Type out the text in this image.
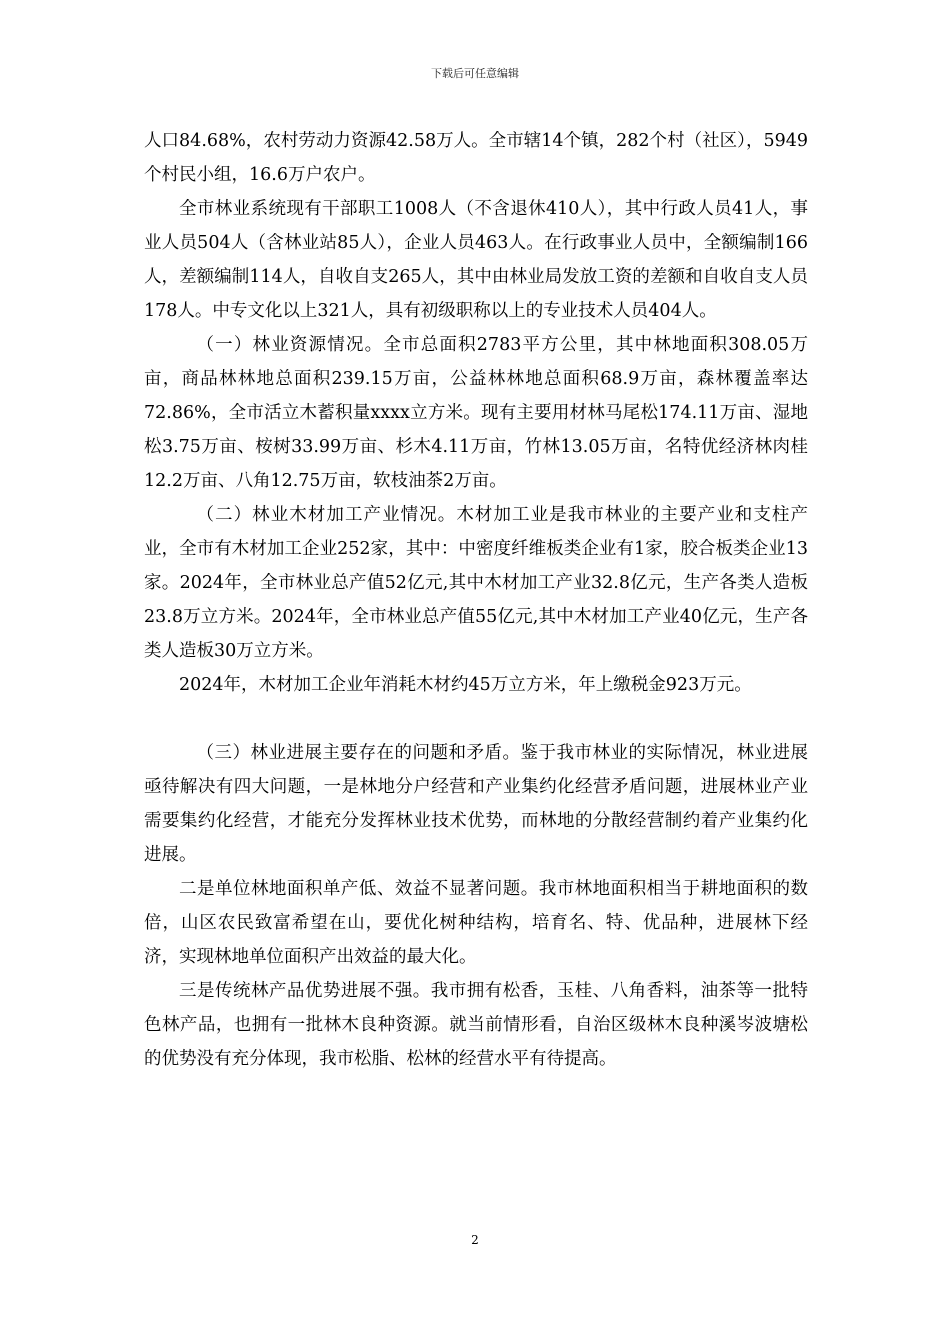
下载后可任意编辑

人口84.68%，农村劳动力资源42.58万人。全市辖14个镇，282个村（社区），5949个村民小组，16.6万户农户。

全市林业系统现有干部职工1008人（不含退休410人），其中行政人员41人，事业人员504人（含林业站85人），企业人员463人。在行政事业人员中，全额编制166人，差额编制114人，自收自支265人，其中由林业局发放工资的差额和自收自支人员178人。中专文化以上321人，具有初级职称以上的专业技术人员404人。

（一）林业资源情况。全市总面积2783平方公里，其中林地面积308.05万亩，商品林林地总面积239.15万亩，公益林林地总面积68.9万亩，森林覆盖率达72.86%，全市活立木蓄积量xxxx立方米。现有主要用材林马尾松174.11万亩、湿地松3.75万亩、桉树33.99万亩、杉木4.11万亩，竹林13.05万亩，名特优经济林肉桂12.2万亩、八角12.75万亩，软枝油茶2万亩。

（二）林业木材加工产业情况。木材加工业是我市林业的主要产业和支柱产业，全市有木材加工企业252家，其中：中密度纤维板类企业有1家，胶合板类企业13家。2024年，全市林业总产值52亿元,其中木材加工产业32.8亿元，生产各类人造板23.8万立方米。2024年，全市林业总产值55亿元,其中木材加工产业40亿元，生产各类人造板30万立方米。

2024年，木材加工企业年消耗木材约45万立方米，年上缴税金923万元。

（三）林业进展主要存在的问题和矛盾。鉴于我市林业的实际情况，林业进展亟待解决有四大问题，一是林地分户经营和产业集约化经营矛盾问题，进展林业产业需要集约化经营，才能充分发挥林业技术优势，而林地的分散经营制约着产业集约化进展。

二是单位林地面积单产低、效益不显著问题。我市林地面积相当于耕地面积的数倍，山区农民致富希望在山，要优化树种结构，培育名、特、优品种，进展林下经济，实现林地单位面积产出效益的最大化。

三是传统林产品优势进展不强。我市拥有松香，玉桂、八角香料，油茶等一批特色林产品，也拥有一批林木良种资源。就当前情形看，自治区级林木良种溪岑波塘松的优势没有充分体现，我市松脂、松林的经营水平有待提高。

2
